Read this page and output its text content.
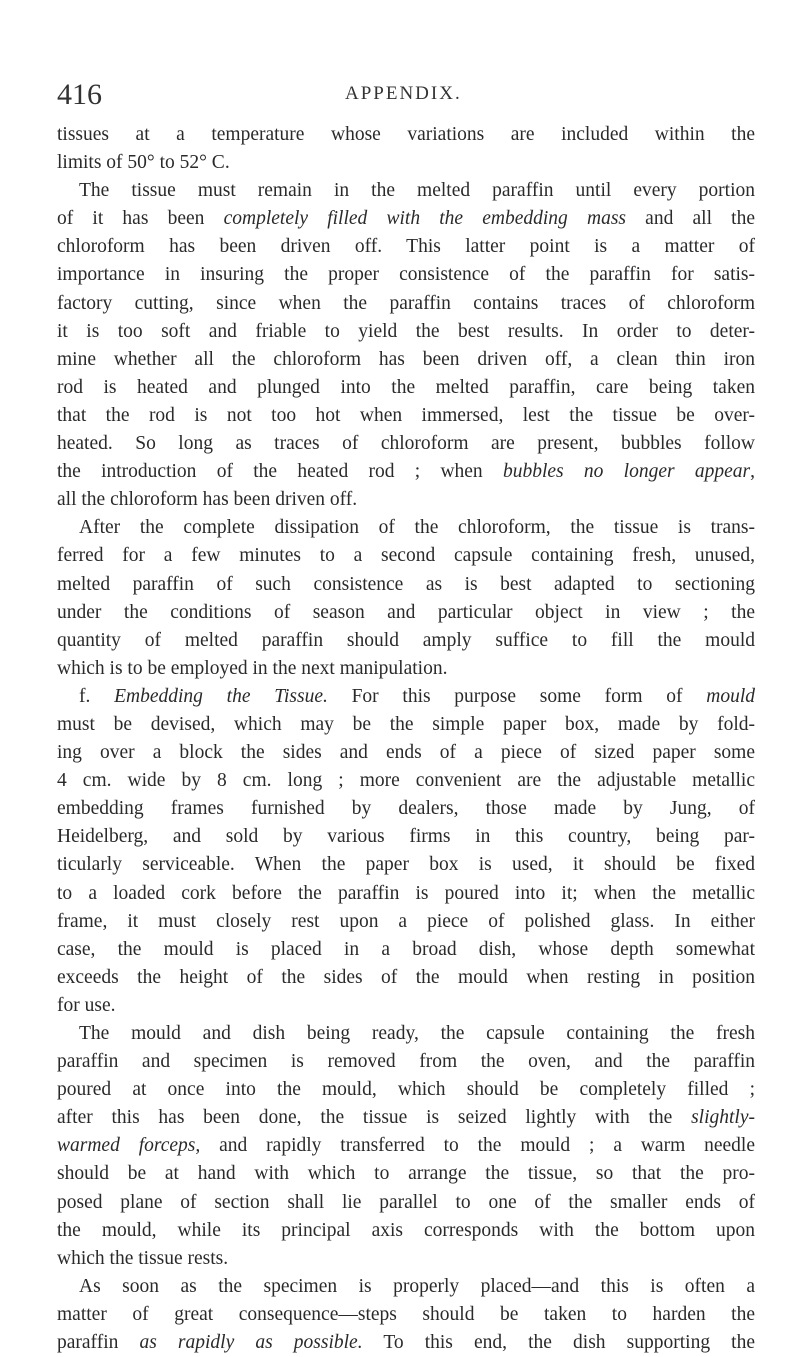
416	APPENDIX.
tissues at a temperature whose variations are included within the
limits of 50° to 52° C.
The tissue must remain in the melted paraffin until every portion
of it has been completely filled with the embedding mass and all the
chloroform has been driven off. This latter point is a matter of
importance in insuring the proper consistence of the paraffin for satis-
factory cutting, since when the paraffin contains traces of chloroform
it is too soft and friable to yield the best results. In order to deter-
mine whether all the chloroform has been driven off, a clean thin iron
rod is heated and plunged into the melted paraffin, care being taken
that the rod is not too hot when immersed, lest the tissue be over-
heated. So long as traces of chloroform are present, bubbles follow
the introduction of the heated rod ; when bubbles no longer appear,
all the chloroform has been driven off.
After the complete dissipation of the chloroform, the tissue is trans-
ferred for a few minutes to a second capsule containing fresh, unused,
melted paraffin of such consistence as is best adapted to sectioning
under the conditions of season and particular object in view ; the
quantity of melted paraffin should amply suffice to fill the mould
which is to be employed in the next manipulation.
f. Embedding the Tissue. For this purpose some form of mould
must be devised, which may be the simple paper box, made by fold-
ing over a block the sides and ends of a piece of sized paper some
4 cm. wide by 8 cm. long ; more convenient are the adjustable metallic
embedding frames furnished by dealers, those made by Jung, of
Heidelberg, and sold by various firms in this country, being par-
ticularly serviceable. When the paper box is used, it should be fixed
to a loaded cork before the paraffin is poured into it; when the metallic
frame, it must closely rest upon a piece of polished glass. In either
case, the mould is placed in a broad dish, whose depth somewhat
exceeds the height of the sides of the mould when resting in position
for use.
The mould and dish being ready, the capsule containing the fresh
paraffin and specimen is removed from the oven, and the paraffin
poured at once into the mould, which should be completely filled ;
after this has been done, the tissue is seized lightly with the slightly-
warmed forceps, and rapidly transferred to the mould ; a warm needle
should be at hand with which to arrange the tissue, so that the pro-
posed plane of section shall lie parallel to one of the smaller ends of
the mould, while its principal axis corresponds with the bottom upon
which the tissue rests.
As soon as the specimen is properly placed—and this is often a
matter of great consequence—steps should be taken to harden the
paraffin as rapidly as possible. To this end, the dish supporting the
